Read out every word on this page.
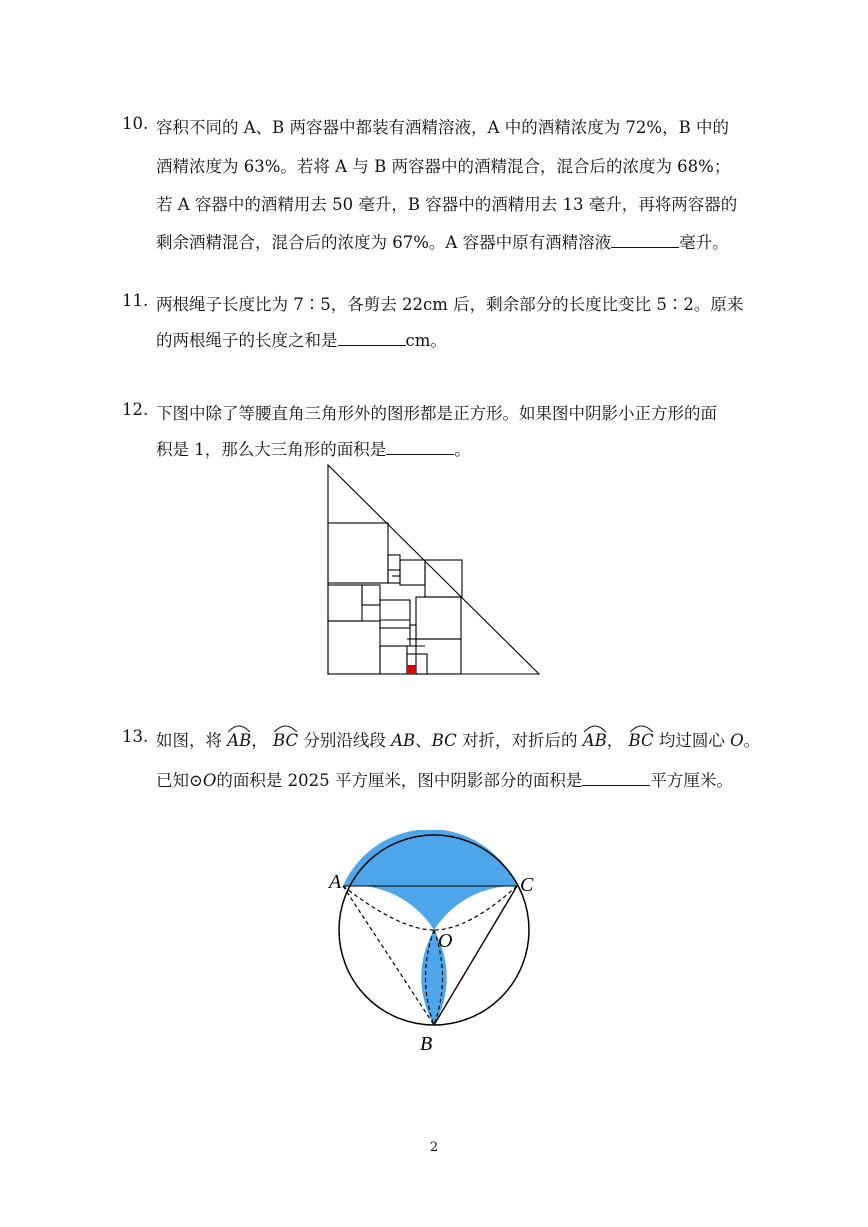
10. 容积不同的 A、B 两容器中都装有酒精溶液，A 中的酒精浓度为 72%，B 中的
酒精浓度为 63%。若将 A 与 B 两容器中的酒精混合，混合后的浓度为 68%；
若 A 容器中的酒精用去 50 毫升，B 容器中的酒精用去 13 毫升，再将两容器的
剩余酒精混合，混合后的浓度为 67%。A 容器中原有酒精溶液	毫升。
11. 两根绳子长度比为 7∶5，各剪去 22cm 后，剩余部分的长度比变比 5∶2。原来
的两根绳子的长度之和是	cm。
12. 下图中除了等腰直角三角形外的图形都是正方形。如果图中阴影小正方形的面
积是 1，那么大三角形的面积是	。
13. 如图，将 AB， BC 分别沿线段 AB、BC 对折，对折后的 AB， BC 均过圆心 O。
已知⊙O的面积是 2025 平方厘米，图中阴影部分的面积是	平方厘米。
A	C
O
B
2
